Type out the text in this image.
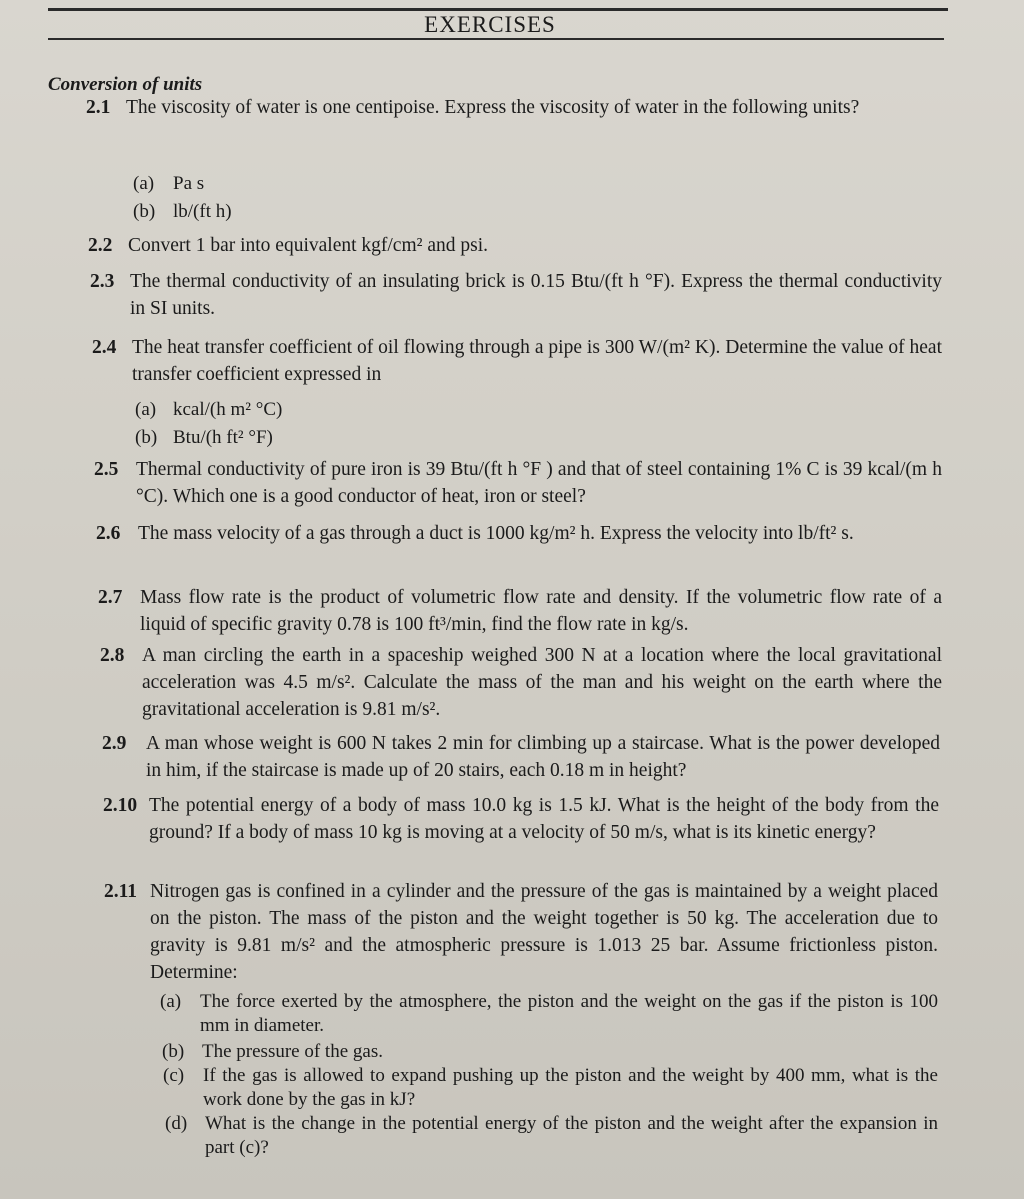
EXERCISES
Conversion of units
2.1 The viscosity of water is one centipoise. Express the viscosity of water in the following units?
(a) Pa s
(b) lb/(ft h)
2.2 Convert 1 bar into equivalent kgf/cm² and psi.
2.3 The thermal conductivity of an insulating brick is 0.15 Btu/(ft h °F). Express the thermal conductivity in SI units.
2.4 The heat transfer coefficient of oil flowing through a pipe is 300 W/(m² K). Determine the value of heat transfer coefficient expressed in
(a) kcal/(h m² °C)
(b) Btu/(h ft² °F)
2.5 Thermal conductivity of pure iron is 39 Btu/(ft h °F ) and that of steel containing 1% C is 39 kcal/(m h °C). Which one is a good conductor of heat, iron or steel?
2.6 The mass velocity of a gas through a duct is 1000 kg/m² h. Express the velocity into lb/ft² s.
2.7 Mass flow rate is the product of volumetric flow rate and density. If the volumetric flow rate of a liquid of specific gravity 0.78 is 100 ft³/min, find the flow rate in kg/s.
2.8 A man circling the earth in a spaceship weighed 300 N at a location where the local gravitational acceleration was 4.5 m/s². Calculate the mass of the man and his weight on the earth where the gravitational acceleration is 9.81 m/s².
2.9 A man whose weight is 600 N takes 2 min for climbing up a staircase. What is the power developed in him, if the staircase is made up of 20 stairs, each 0.18 m in height?
2.10 The potential energy of a body of mass 10.0 kg is 1.5 kJ. What is the height of the body from the ground? If a body of mass 10 kg is moving at a velocity of 50 m/s, what is its kinetic energy?
2.11 Nitrogen gas is confined in a cylinder and the pressure of the gas is maintained by a weight placed on the piston. The mass of the piston and the weight together is 50 kg. The acceleration due to gravity is 9.81 m/s² and the atmospheric pressure is 1.013 25 bar. Assume frictionless piston. Determine:
(a) The force exerted by the atmosphere, the piston and the weight on the gas if the piston is 100 mm in diameter.
(b) The pressure of the gas.
(c) If the gas is allowed to expand pushing up the piston and the weight by 400 mm, what is the work done by the gas in kJ?
(d) What is the change in the potential energy of the piston and the weight after the expansion in part (c)?
